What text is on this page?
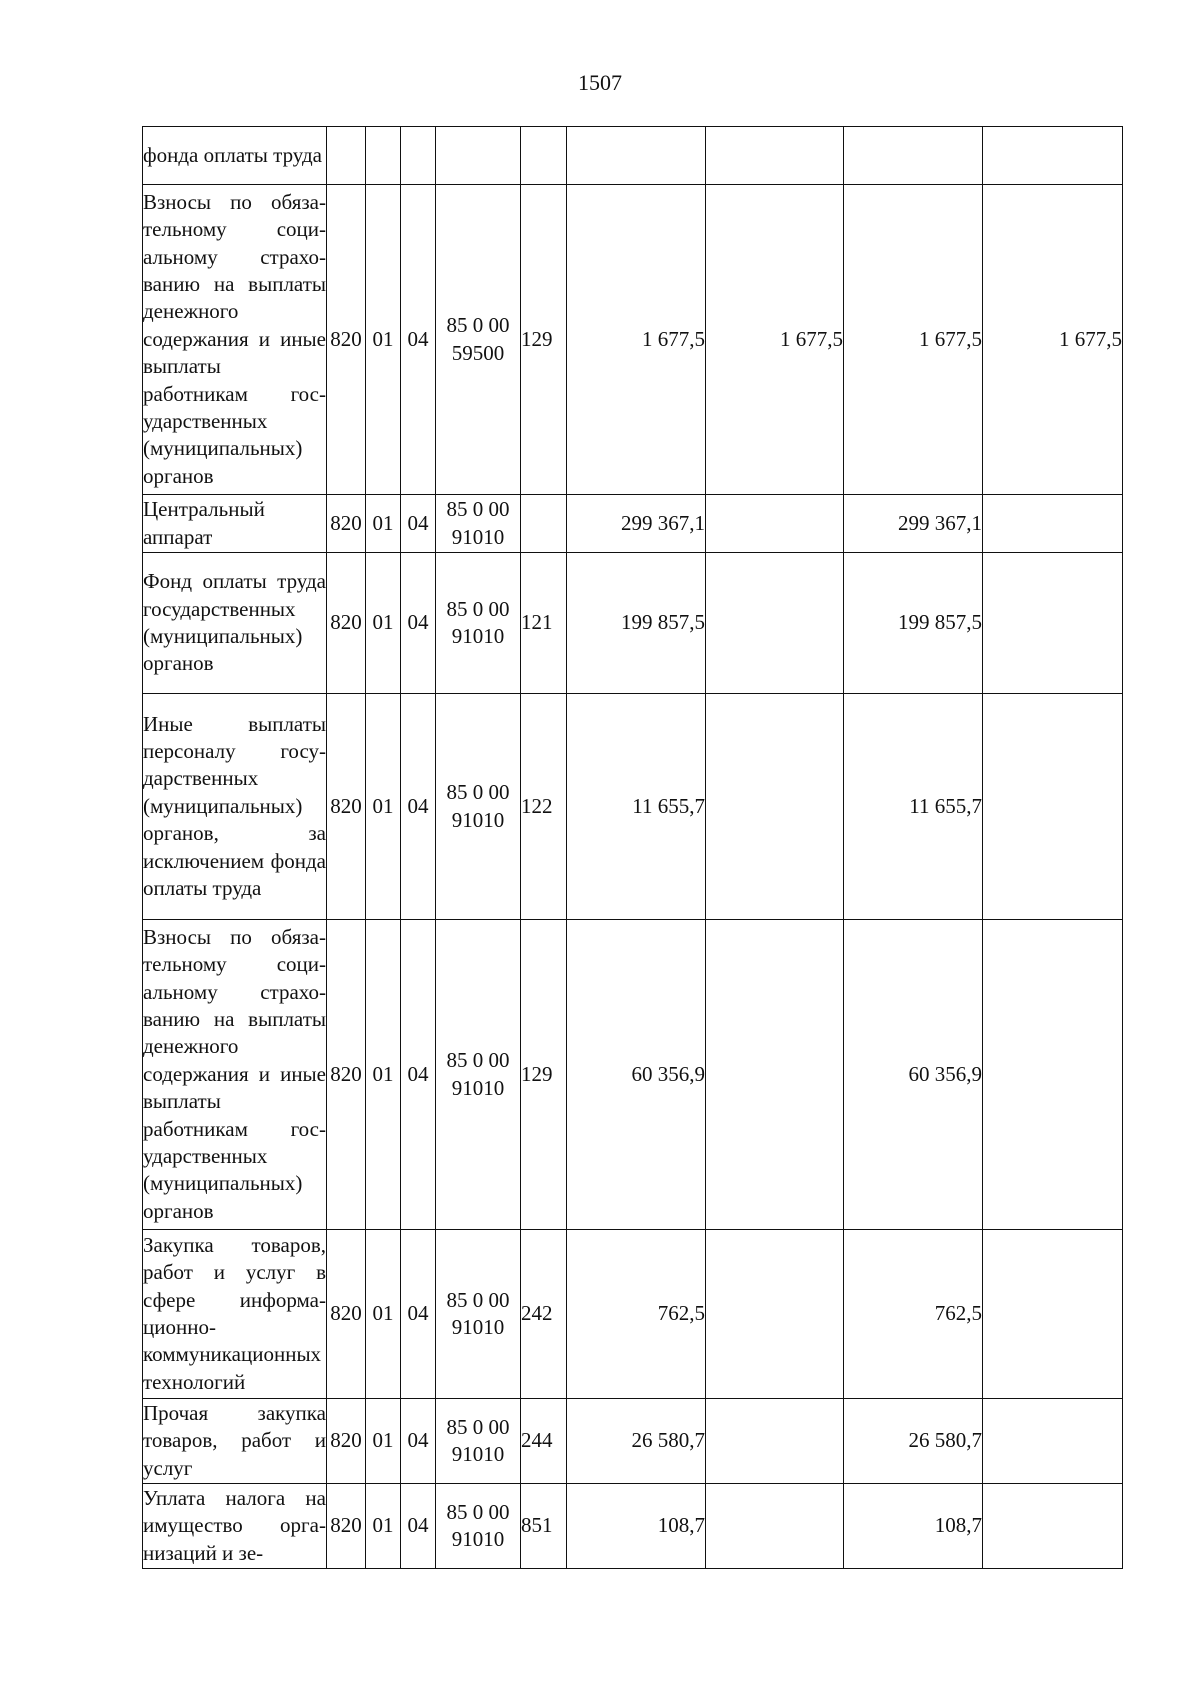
1507
фонда оплаты труда									
Взносы по обязательному социальному страхованию на выплаты денежного содержания и иные выплаты работникам государственных (муниципальных) органов	820	01	04	85 0 00 59500	129	1 677,5	1 677,5	1 677,5	1 677,5
Центральный аппарат	820	01	04	85 0 00 91010		299 367,1		299 367,1	
Фонд оплаты труда государственных (муниципальных) органов	820	01	04	85 0 00 91010	121	199 857,5		199 857,5	
Иные выплаты персоналу государственных (муниципальных) органов, за исключением фонда оплаты труда	820	01	04	85 0 00 91010	122	11 655,7		11 655,7	
Взносы по обязательному социальному страхованию на выплаты денежного содержания и иные выплаты работникам государственных (муниципальных) органов	820	01	04	85 0 00 91010	129	60 356,9		60 356,9	
Закупка товаров, работ и услуг в сфере информационно-коммуникационных технологий	820	01	04	85 0 00 91010	242	762,5		762,5	
Прочая закупка товаров, работ и услуг	820	01	04	85 0 00 91010	244	26 580,7		26 580,7	
Уплата налога на имущество организаций и зе-	820	01	04	85 0 00 91010	851	108,7		108,7	
